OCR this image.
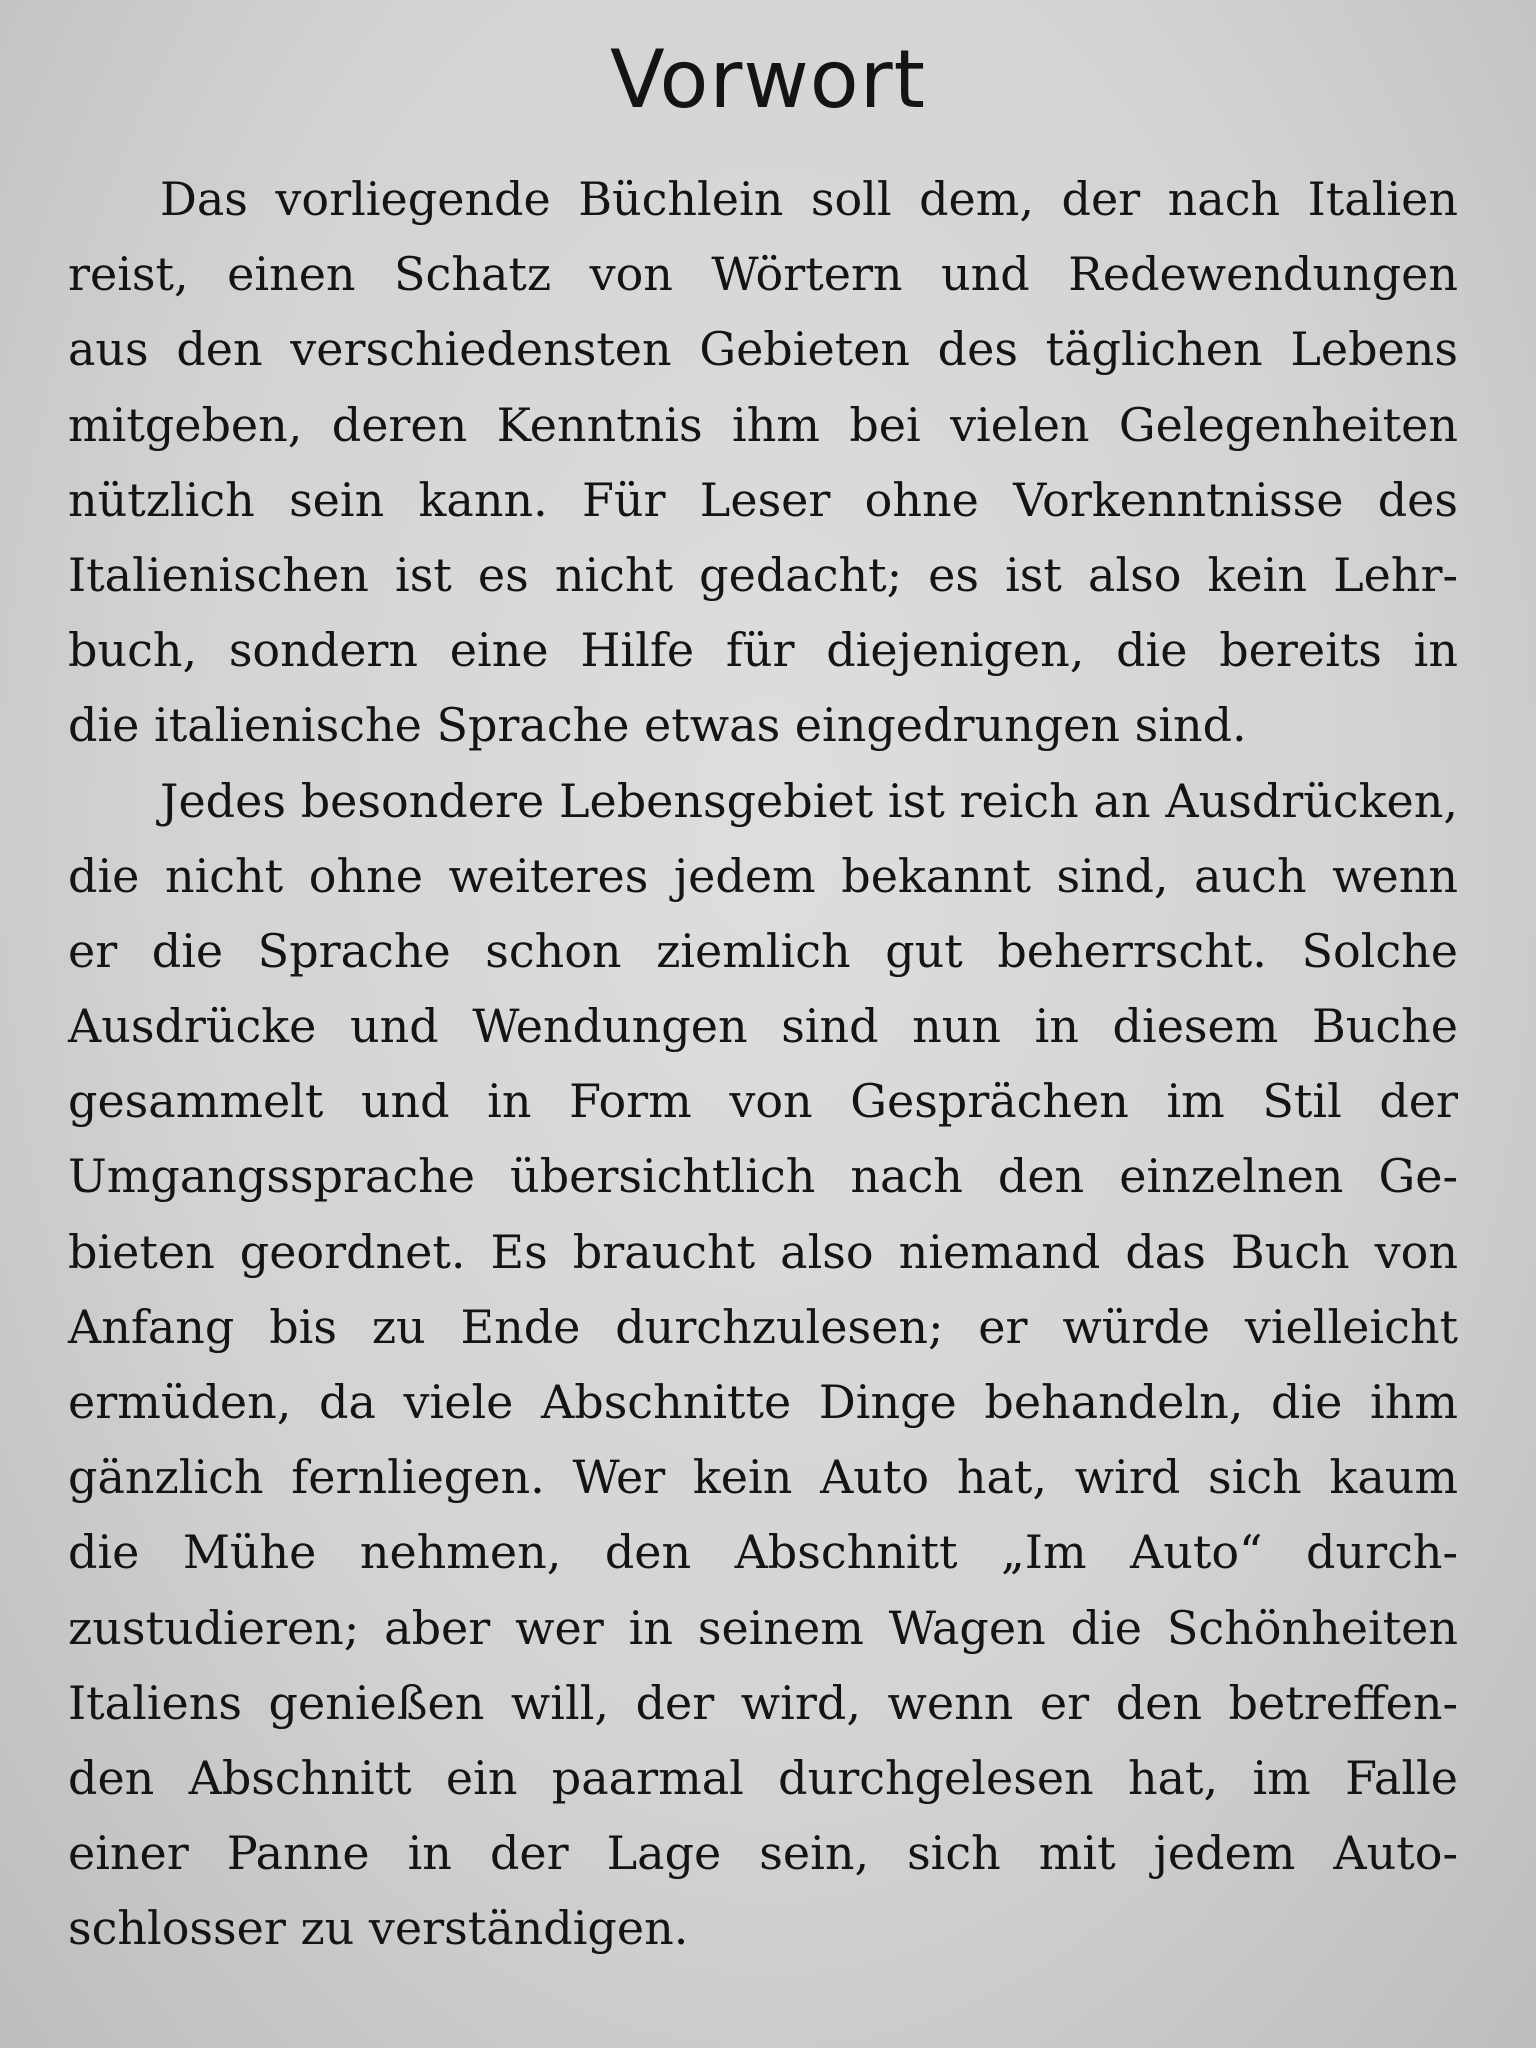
Vorwort
Das vorliegende Büchlein soll dem, der nach Italien
reist, einen Schatz von Wörtern und Redewendungen
aus den verschiedensten Gebieten des täglichen Lebens
mitgeben, deren Kenntnis ihm bei vielen Gelegenheiten
nützlich sein kann. Für Leser ohne Vorkenntnisse des
Italienischen ist es nicht gedacht; es ist also kein Lehr-
buch, sondern eine Hilfe für diejenigen, die bereits in
die italienische Sprache etwas eingedrungen sind.
Jedes besondere Lebensgebiet ist reich an Ausdrücken,
die nicht ohne weiteres jedem bekannt sind, auch wenn
er die Sprache schon ziemlich gut beherrscht. Solche
Ausdrücke und Wendungen sind nun in diesem Buche
gesammelt und in Form von Gesprächen im Stil der
Umgangssprache übersichtlich nach den einzelnen Ge-
bieten geordnet. Es braucht also niemand das Buch von
Anfang bis zu Ende durchzulesen; er würde vielleicht
ermüden, da viele Abschnitte Dinge behandeln, die ihm
gänzlich fernliegen. Wer kein Auto hat, wird sich kaum
die Mühe nehmen, den Abschnitt „Im Auto“ durch-
zustudieren; aber wer in seinem Wagen die Schönheiten
Italiens genießen will, der wird, wenn er den betreffen-
den Abschnitt ein paarmal durchgelesen hat, im Falle
einer Panne in der Lage sein, sich mit jedem Auto-
schlosser zu verständigen.
